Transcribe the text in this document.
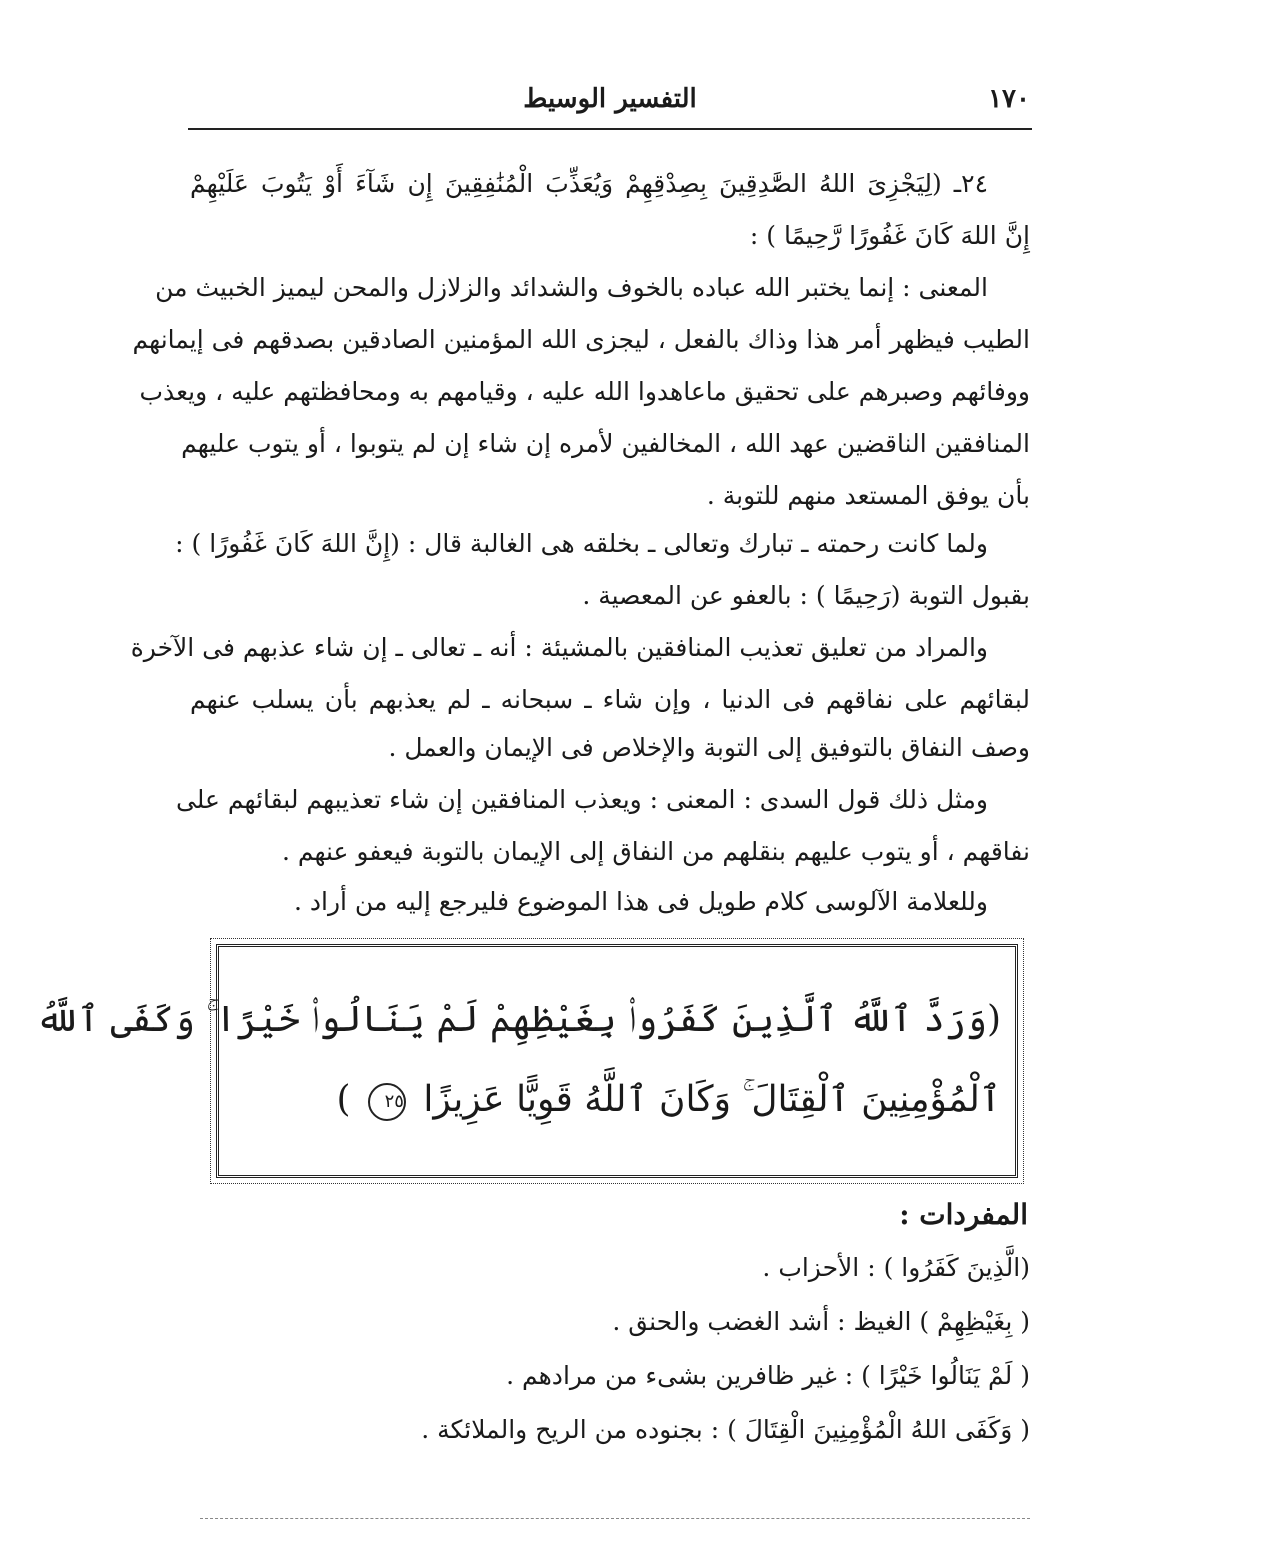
١٧٠
التفسير الوسيط
٢٤ـ (لِيَجْزِىَ اللهُ الصَّٰدِقِينَ بِصِدْقِهِمْ وَيُعَذِّبَ الْمُنَٰفِقِينَ إِن شَآءَ أَوْ يَتُوبَ عَلَيْهِمْ
إِنَّ اللهَ كَانَ غَفُورًا رَّحِيمًا ) :
المعنى : إنما يختبر الله عباده بالخوف والشدائد والزلازل والمحن ليميز الخبيث من
الطيب فيظهر أمر هذا وذاك بالفعل ، ليجزى الله المؤمنين الصادقين بصدقهم فى إيمانهم
ووفائهم وصبرهم على تحقيق ماعاهدوا الله عليه ، وقيامهم به ومحافظتهم عليه ، ويعذب
المنافقين الناقضين عهد الله ، المخالفين لأمره إن شاء إن لم يتوبوا ، أو يتوب عليهم
بأن يوفق المستعد منهم للتوبة .
ولما كانت رحمته ـ تبارك وتعالى ـ بخلقه هى الغالبة قال : (إِنَّ اللهَ كَانَ غَفُورًا ) :
بقبول التوبة (رَحِيمًا ) : بالعفو عن المعصية .
والمراد من تعليق تعذيب المنافقين بالمشيئة : أنه ـ تعالى ـ إن شاء عذبهم فى الآخرة
لبقائهم على نفاقهم فى الدنيا ، وإن شاء ـ سبحانه ـ لم يعذبهم بأن يسلب عنهم
وصف النفاق بالتوفيق إلى التوبة والإخلاص فى الإيمان والعمل .
ومثل ذلك قول السدى : المعنى : ويعذب المنافقين إن شاء تعذيبهم لبقائهم على
نفاقهم ، أو يتوب عليهم بنقلهم من النفاق إلى الإيمان بالتوبة فيعفو عنهم .
وللعلامة الآلوسى كلام طويل فى هذا الموضوع فليرجع إليه من أراد .
(وَرَدَّ ٱللَّهُ ٱلَّذِينَ كَفَرُوا۟ بِغَيْظِهِمْ لَمْ يَنَالُوا۟ خَيْرًا ۚ وَكَفَى ٱللَّهُ
ٱلْمُؤْمِنِينَ ٱلْقِتَالَ ۚ وَكَانَ ٱللَّهُ قَوِيًّا عَزِيزًا ٢٥ )
المفردات :
(الَّذِينَ كَفَرُوا ) : الأحزاب .
( بِغَيْظِهِمْ ) الغيظ : أشد الغضب والحنق .
( لَمْ يَنَالُوا خَيْرًا ) : غير ظافرين بشىء من مرادهم .
( وَكَفَى اللهُ الْمُؤْمِنِينَ الْقِتَالَ ) : بجنوده من الريح والملائكة .
